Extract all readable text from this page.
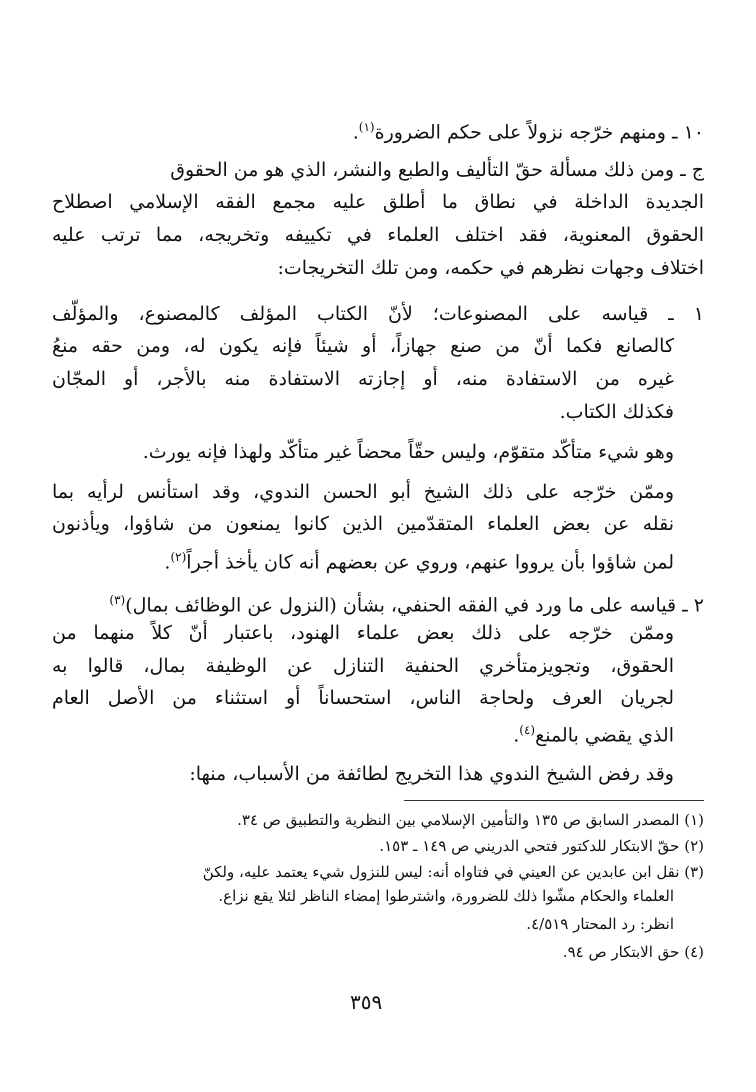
١٠ ـ ومنهم خرّجه نزولاً على حكم الضرورة$^{(١)}$.
ج ـ ومن ذلك مسألة حقّ التأليف والطبع والنشر، الذي هو من الحقوق
الجديدة الداخلة في نطاق ما أطلق عليه مجمع الفقه الإسلامي اصطلاح
الحقوق المعنوية، فقد اختلف العلماء في تكييفه وتخريجه، مما ترتب عليه
اختلاف وجهات نظرهم في حكمه، ومن تلك التخريجات:
١ ـ قياسه على المصنوعات؛ لأنّ الكتاب المؤلف كالمصنوع، والمؤلّف
كالصانع فكما أنّ من صنع جهازاً، أو شيئاً فإنه يكون له، ومن حقه منعُ
غيره من الاستفادة منه، أو إجازته الاستفادة منه بالأجر، أو المجّان
فكذلك الكتاب.
وهو شيء متأكّد متقوّم، وليس حقّاً محضاً غير متأكّد ولهذا فإنه يورث.
وممّن خرّجه على ذلك الشيخ أبو الحسن الندوي، وقد استأنس لرأيه بما
نقله عن بعض العلماء المتقدّمين الذين كانوا يمنعون من شاؤوا، ويأذنون
لمن شاؤوا بأن يرووا عنهم، وروي عن بعضهم أنه كان يأخذ أجراً$^{(٢)}$.
٢ ـ قياسه على ما ورد في الفقه الحنفي، بشأن (النزول عن الوظائف بمال)$^{(٣)}$
وممّن خرّجه على ذلك بعض علماء الهنود، باعتبار أنّ كلاً منهما من
الحقوق، وتجويزمتأخري الحنفية التنازل عن الوظيفة بمال، قالوا به
لجريان العرف ولحاجة الناس، استحساناً أو استثناء من الأصل العام
الذي يقضي بالمنع$^{(٤)}$.
وقد رفض الشيخ الندوي هذا التخريج لطائفة من الأسباب، منها:
(١) المصدر السابق ص ١٣٥ والتأمين الإسلامي بين النظرية والتطبيق ص ٣٤.
(٢) حقّ الابتكار للدكتور فتحي الدريني ص ١٤٩ ـ ١٥٣.
(٣) نقل ابن عابدين عن العيني في فتاواه أنه: ليس للنزول شيء يعتمد عليه، ولكنّ
العلماء والحكام مشّوا ذلك للضرورة، واشترطوا إمضاء الناظر لئلا يقع نزاع.
انظر: رد المحتار ٤/٥١٩.
(٤) حق الابتكار ص ٩٤.
٣٥٩
